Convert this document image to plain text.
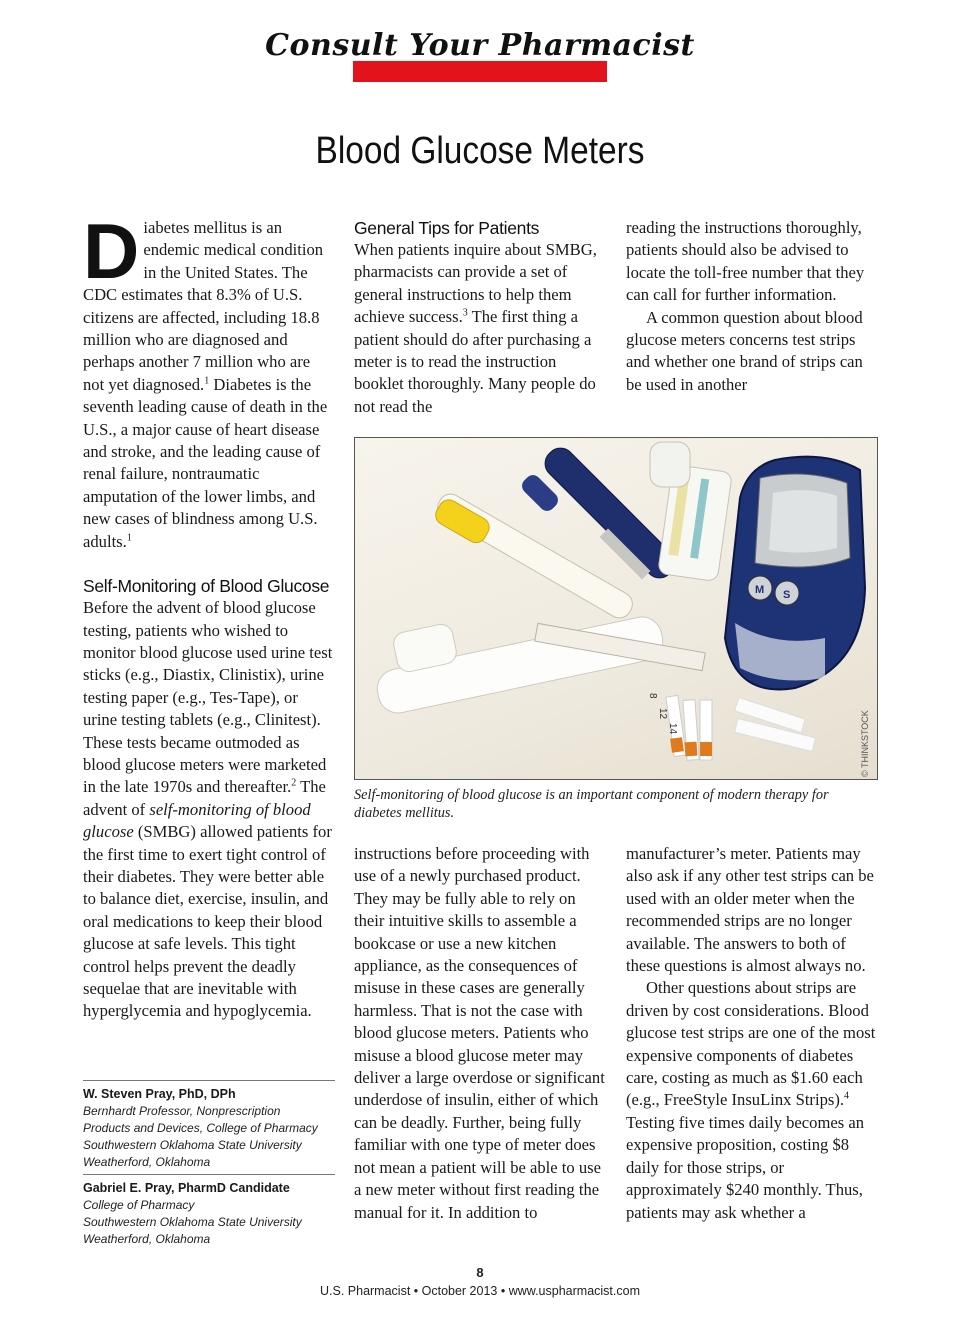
Consult Your Pharmacist
Blood Glucose Meters

Diabetes mellitus is an endemic medical condition in the United States. The CDC estimates that 8.3% of U.S. citizens are affected, including 18.8 million who are diagnosed and perhaps another 7 million who are not yet diagnosed.$^1$ Diabetes is the seventh leading cause of death in the U.S., a major cause of heart disease and stroke, and the leading cause of renal failure, nontraumatic amputation of the lower limbs, and new cases of blindness among U.S. adults.$^1$

Self-Monitoring of Blood Glucose

Before the advent of blood glucose testing, patients who wished to monitor blood glucose used urine test sticks (e.g., Diastix, Clinistix), urine testing paper (e.g., Tes-Tape), or urine testing tablets (e.g., Clinitest). These tests became outmoded as blood glucose meters were marketed in the late 1970s and thereafter.$^2$ The advent of self-monitoring of blood glucose (SMBG) allowed patients for the first time to exert tight control of their diabetes. They were better able to balance diet, exercise, insulin, and oral medications to keep their blood glucose at safe levels. This tight control helps prevent the deadly sequelae that are inevitable with hyperglycemia and hypoglycemia.

W. Steven Pray, PhD, DPh
Bernhardt Professor, Nonprescription
Products and Devices, College of Pharmacy
Southwestern Oklahoma State University
Weatherford, Oklahoma
Gabriel E. Pray, PharmD Candidate
College of Pharmacy
Southwestern Oklahoma State University
Weatherford, Oklahoma
General Tips for Patients

When patients inquire about SMBG, pharmacists can provide a set of general instructions to help them achieve success.$^3$ The first thing a patient should do after purchasing a meter is to read the instruction booklet thoroughly. Many people do not read the

reading the instructions thoroughly, patients should also be advised to locate the toll-free number that they can call for further information.

A common question about blood glucose meters concerns test strips and whether one brand of strips can be used in another

8
12
14
M S
© THINKSTOCK
Self-monitoring of blood glucose is an important component of modern therapy for diabetes mellitus.

instructions before proceeding with use of a newly purchased product. They may be fully able to rely on their intuitive skills to assemble a bookcase or use a new kitchen appliance, as the consequences of misuse in these cases are generally harmless. That is not the case with blood glucose meters. Patients who misuse a blood glucose meter may deliver a large overdose or significant underdose of insulin, either of which can be deadly. Further, being fully familiar with one type of meter does not mean a patient will be able to use a new meter without first reading the manual for it. In addition to

manufacturer’s meter. Patients may also ask if any other test strips can be used with an older meter when the recommended strips are no longer available. The answers to both of these questions is almost always no.

Other questions about strips are driven by cost considerations. Blood glucose test strips are one of the most expensive components of diabetes care, costing as much as $1.60 each (e.g., FreeStyle InsuLinx Strips).$^4$ Testing five times daily becomes an expensive proposition, costing $8 daily for those strips, or approximately $240 monthly. Thus, patients may ask whether a

8
U.S. Pharmacist • October 2013 • www.uspharmacist.com
